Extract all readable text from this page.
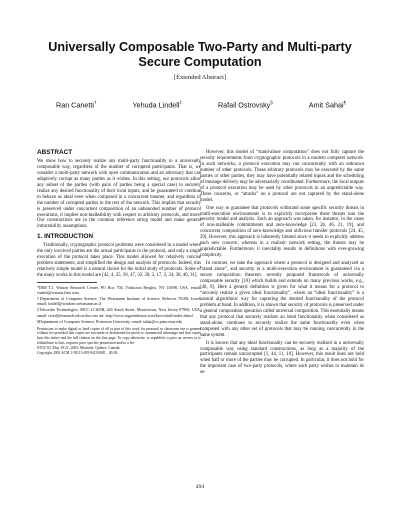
Universally Composable Two-Party and Multi-party
Secure Computation
[Extended Abstract]
Ran Canetti†	Yehuda Lindell‡	Rafail Ostrovsky§	Amit Sahai¶
ABSTRACT

We show how to securely realize any multi-party functionality in a universally composable way, regardless of the number of corrupted participants. That is, we consider a multi-party network with open communication and an adversary that can adaptively corrupt as many parties as it wishes. In this setting, our protocols allow any subset of the parties (with pairs of parties being a special case) to securely realize any desired functionality of their local inputs, and be guaranteed to continue to behave as ideal even when composed in a concurrent manner, and regardless of the number of corrupted parties in the rest of the network. This implies that security is preserved under concurrent composition of an unbounded number of protocol executions, it implies non-malleability with respect to arbitrary protocols, and more. Our constructions are in the common reference string model and make general intractability assumptions.

1. INTRODUCTION

Traditionally, cryptographic protocol problems were considered in a model where the only involved parties are the actual participants in the protocol, and only a single execution of the protocol takes place. This model allowed for relatively concise problem statements, and simplified the design and analysis of protocols. Indeed, this relatively simple model is a natural choice for the initial study of protocols. Some of the many works in this model are [42, 4, 25, 36, 47, 33, 28, 3, 17, 2, 24, 38, 46, 31].

*IBM T.J. Watson Research Center, PO Box 704, Yorktown Heights, NY 10598, USA. email: canetti@watson.ibm.com

†Department of Computer Science, The Weizmann Institute of Science, Rehovot 76100, Israel. email: lindell@wisdom.weizmann.ac.il

‡Telcordia Technologies, MCC-1C365B, 445 South Street, Morristown, New Jersey 07960, USA. email: rafail@research.telcordia.com url: http://www.argreenhouse.com/bios/rafail/index.shtml

§Department of Computer Science, Princeton University. email: sahai@cs.princeton.edu

Permission to make digital or hard copies of all or part of this work for personal or classroom use is granted without fee provided that copies are not made or distributed for profit or commercial advantage and that copies bear this notice and the full citation on the first page. To copy otherwise, to republish, to post on servers or to redistribute to lists, requires prior specific permission and/or a fee.

STOC'02, May 19-21, 2002, Montréal, Quebec, Canada.

Copyright 2002 ACM 1-58113-495-9/02/0005 ...$5.00.

However, this model of “stand-alone computation” does not fully capture the security requirements from cryptographic protocols in a modern computer network. In such networks, a protocol execution may run concurrently with an unknown number of other protocols. These arbitrary protocols may be executed by the same parties or other parties, they may have potentially related inputs and the scheduling of message delivery may be adversarially coordinated. Furthermore, the local outputs of a protocol execution may be used by other protocols in an unpredictable way. These concerns, or “attacks” on a protocol are not captured by the stand-alone model.

One way to guarantee that protocols withstand some specific security threats in multi-execution environments is to explicitly incorporate these threats into the security model and analysis. Such an approach was taken, for instance, in the cases of non-malleable commitments and zero-knowledge [23, 26, 46, 21, 19], and concurrent composition of zero-knowledge and oblivious transfer protocols [24, 45, 29]. However, this approach is inherently limited since it needs to explicitly address each new concern, whereas in a realistic network setting, the threats may be unpredictable. Furthermore, it inevitably results in definitions with ever-growing complexity.

In contrast, we take the approach where a protocol is designed and analyzed as “stand alone”, and security in a multi-execution environment is guaranteed via a secure composition theorem. recently proposed framework of universally composable security [10] which builds and extends on many previous works, e.g., [40, 9]. Here a generic definition is given for what it means for a protocol to “securely realize a given ideal functionality”, where an “ideal functionality” is a natural algorithmic way for capturing the desired functionality of the protocol problem at hand. In addition, it is shown that security of protocols is preserved under a general composition operation called universal composition. This essentially means that any protocol that securely realizes an ideal functionality when considered as stand-alone, continues to securely realize the same functionality even when composed with any other set of protocols that may be running concurrently in the same system.

It is known that any ideal functionality can be securely realized in a universally composable way using standard constructions, as long as a majority of the participants remain uncorrupted [1, 44, 11, 10]. However, this result does not hold when half or more of the parties may be corrupted. In particular, it does not hold for the important case of two-party protocols, where each party wishes to maintain its se-

494
